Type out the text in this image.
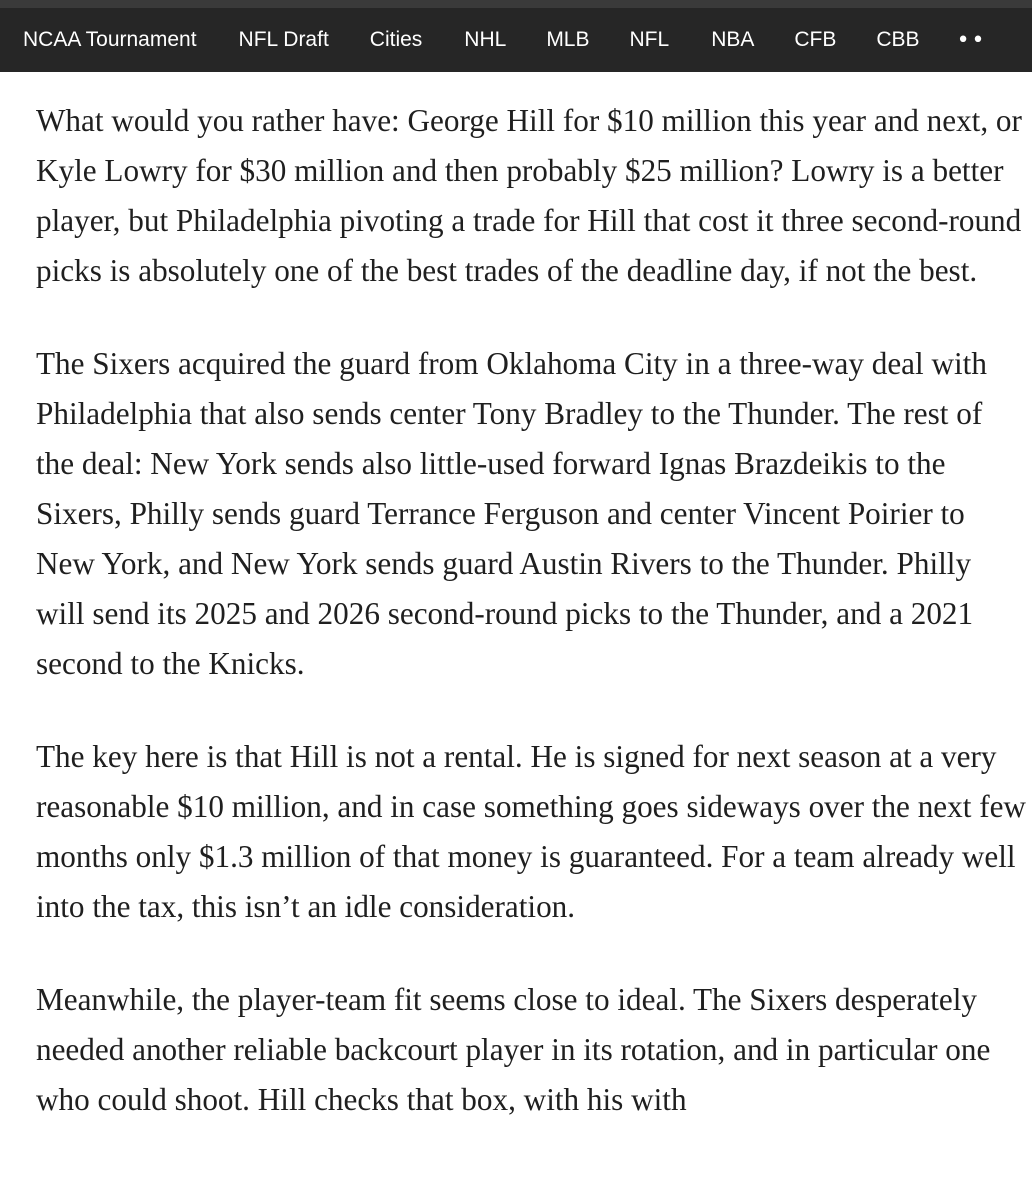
NCAA Tournament NFL Draft Cities NHL MLB NFL NBA CFB CBB ••

What would you rather have: George Hill for $10 million this year and next, or Kyle Lowry for $30 million and then probably $25 million? Lowry is a better player, but Philadelphia pivoting a trade for Hill that cost it three second-round picks is absolutely one of the best trades of the deadline day, if not the best.

The Sixers acquired the guard from Oklahoma City in a three-way deal with Philadelphia that also sends center Tony Bradley to the Thunder. The rest of the deal: New York sends also little-used forward Ignas Brazdeikis to the Sixers, Philly sends guard Terrance Ferguson and center Vincent Poirier to New York, and New York sends guard Austin Rivers to the Thunder. Philly will send its 2025 and 2026 second-round picks to the Thunder, and a 2021 second to the Knicks.

The key here is that Hill is not a rental. He is signed for next season at a very reasonable $10 million, and in case something goes sideways over the next few months only $1.3 million of that money is guaranteed. For a team already well into the tax, this isn’t an idle consideration.

Meanwhile, the player-team fit seems close to ideal. The Sixers desperately needed another reliable backcourt player in its rotation, and in particular one who could shoot. Hill checks that box, with his with
